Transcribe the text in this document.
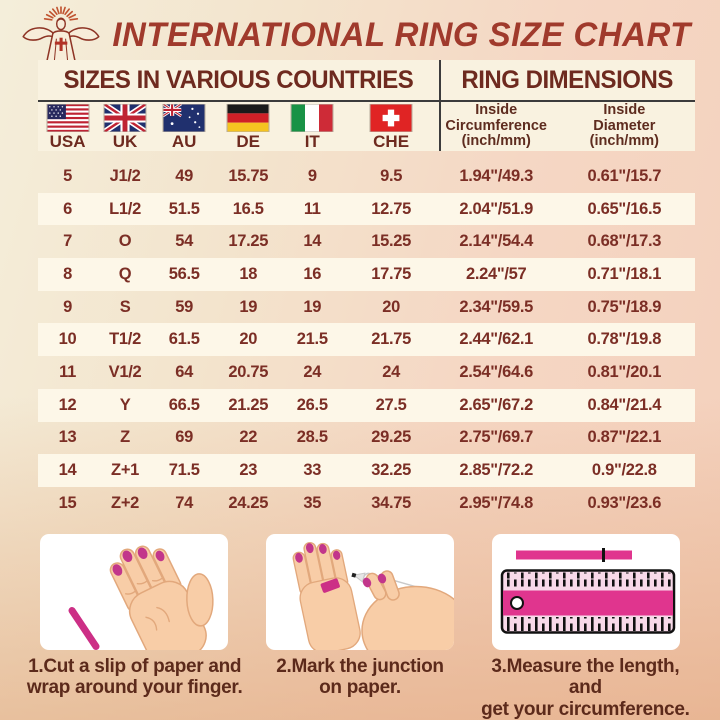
INTERNATIONAL RING SIZE CHART
SIZES IN VARIOUS COUNTRIES	RING DIMENSIONS
USA UK AU DE	IT	CHE
Inside
Circumference
(inch/mm)
Inside
Diameter
(inch/mm)
5	J1/2	49	15.75	9	9.5	1.94"/49.3	0.61"/15.7
6	L1/2	51.5	16.5	11	12.75	2.04"/51.9	0.65"/16.5
7	O	54	17.25	14	15.25	2.14"/54.4	0.68"/17.3
8	Q	56.5	18	16	17.75	2.24"/57	0.71"/18.1
9	S	59	19	19	20	2.34"/59.5	0.75"/18.9
10	T1/2	61.5	20	21.5	21.75	2.44"/62.1	0.78"/19.8
11	V1/2	64	20.75	24	24	2.54"/64.6	0.81"/20.1
12	Y	66.5	21.25	26.5	27.5	2.65"/67.2	0.84"/21.4
13	Z	69	22	28.5	29.25	2.75"/69.7	0.87"/22.1
14	Z+1	71.5	23	33	32.25	2.85"/72.2	0.9"/22.8
15	Z+2	74	24.25	35	34.75	2.95"/74.8	0.93"/23.6
1.Cut a slip of paper and
wrap around your finger.
2.Mark the junction
on paper.
3.Measure the length, and
get your circumference.
